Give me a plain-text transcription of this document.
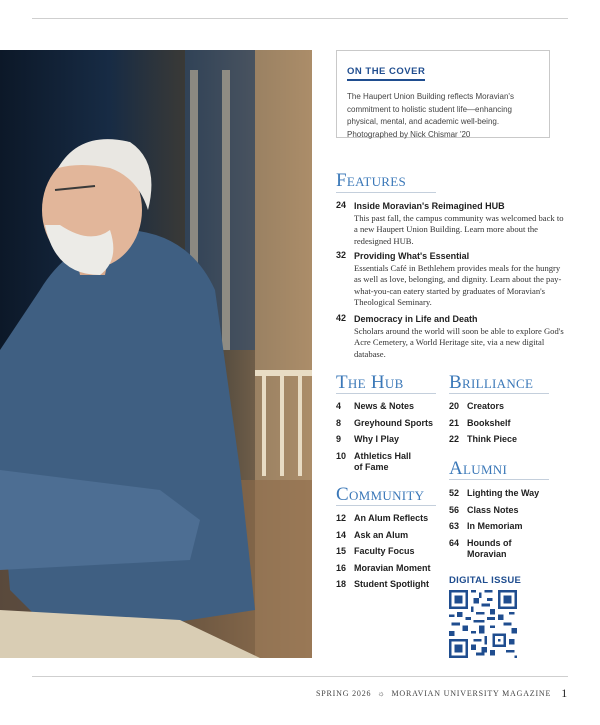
ON THE COVER

The Haupert Union Building reflects Moravian's commitment to holistic student life—enhancing physical, mental, and academic well-being. Photographed by Nick Chismar '20

Features
24 Inside Moravian's Reimagined HUB
This past fall, the campus community was welcomed back to a new Haupert Union Building. Learn more about the redesigned HUB.
32 Providing What's Essential
Essentials Café in Bethlehem provides meals for the hungry as well as love, belonging, and dignity. Learn about the pay-what-you-can eatery started by graduates of Moravian's Theological Seminary.
42 Democracy in Life and Death
Scholars around the world will soon be able to explore God's Acre Cemetery, a World Heritage site, via a new digital database.
The Hub
4	News & Notes
8	Greyhound Sports
9	Why I Play
10 Athletics Hall of Fame
Brilliance
20 Creators
21 Bookshelf
22 Think Piece
Alumni
52 Lighting the Way
56 Class Notes
63 In Memoriam
64 Hounds of Moravian
Community
12 An Alum Reflects
14 Ask an Alum
15 Faculty Focus
16 Moravian Moment
18 Student Spotlight	DIGITAL ISSUE
SPRING 2026 ☼ MORAVIAN UNIVERSITY MAGAZINE 1
